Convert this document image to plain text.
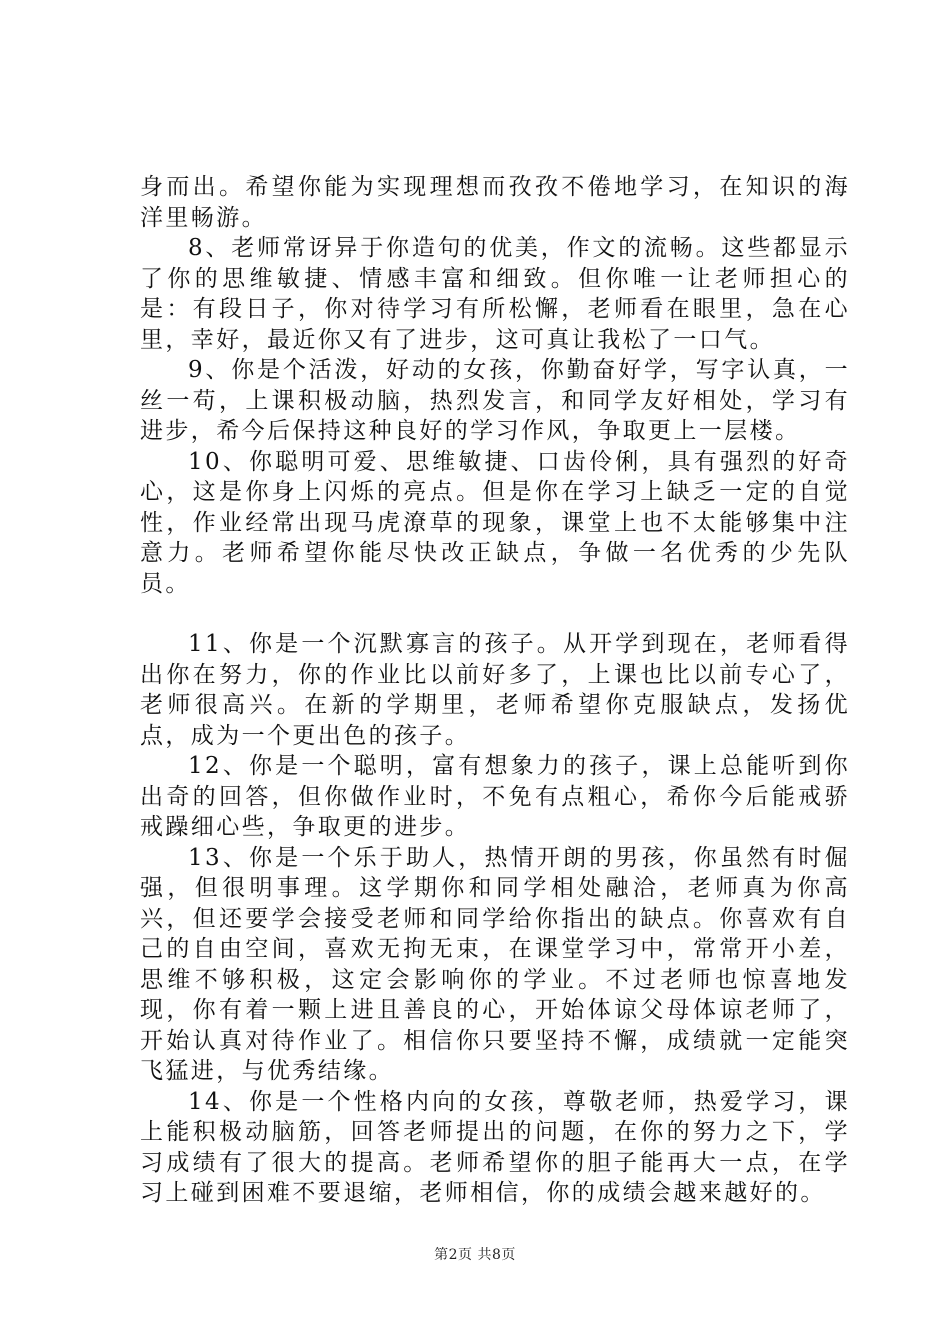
身而出。希望你能为实现理想而孜孜不倦地学习，在知识的海洋里畅游。

8、老师常讶异于你造句的优美，作文的流畅。这些都显示了你的思维敏捷、情感丰富和细致。但你唯一让老师担心的是：有段日子，你对待学习有所松懈，老师看在眼里，急在心里，幸好，最近你又有了进步，这可真让我松了一口气。

9、你是个活泼，好动的女孩，你勤奋好学，写字认真，一丝一苟，上课积极动脑，热烈发言，和同学友好相处，学习有进步，希今后保持这种良好的学习作风，争取更上一层楼。

10、你聪明可爱、思维敏捷、口齿伶俐，具有强烈的好奇心，这是你身上闪烁的亮点。但是你在学习上缺乏一定的自觉性，作业经常出现马虎潦草的现象，课堂上也不太能够集中注意力。老师希望你能尽快改正缺点，争做一名优秀的少先队员。

11、你是一个沉默寡言的孩子。从开学到现在，老师看得出你在努力，你的作业比以前好多了，上课也比以前专心了，老师很高兴。在新的学期里，老师希望你克服缺点，发扬优点，成为一个更出色的孩子。

12、你是一个聪明，富有想象力的孩子，课上总能听到你出奇的回答，但你做作业时，不免有点粗心，希你今后能戒骄戒躁细心些，争取更的进步。

13、你是一个乐于助人，热情开朗的男孩，你虽然有时倔强，但很明事理。这学期你和同学相处融洽，老师真为你高兴，但还要学会接受老师和同学给你指出的缺点。你喜欢有自己的自由空间，喜欢无拘无束，在课堂学习中，常常开小差，思维不够积极，这定会影响你的学业。不过老师也惊喜地发现，你有着一颗上进且善良的心，开始体谅父母体谅老师了，开始认真对待作业了。相信你只要坚持不懈，成绩就一定能突飞猛进，与优秀结缘。

14、你是一个性格内向的女孩，尊敬老师，热爱学习，课上能积极动脑筋，回答老师提出的问题，在你的努力之下，学习成绩有了很大的提高。老师希望你的胆子能再大一点，在学习上碰到困难不要退缩，老师相信，你的成绩会越来越好的。

第2页 共8页
